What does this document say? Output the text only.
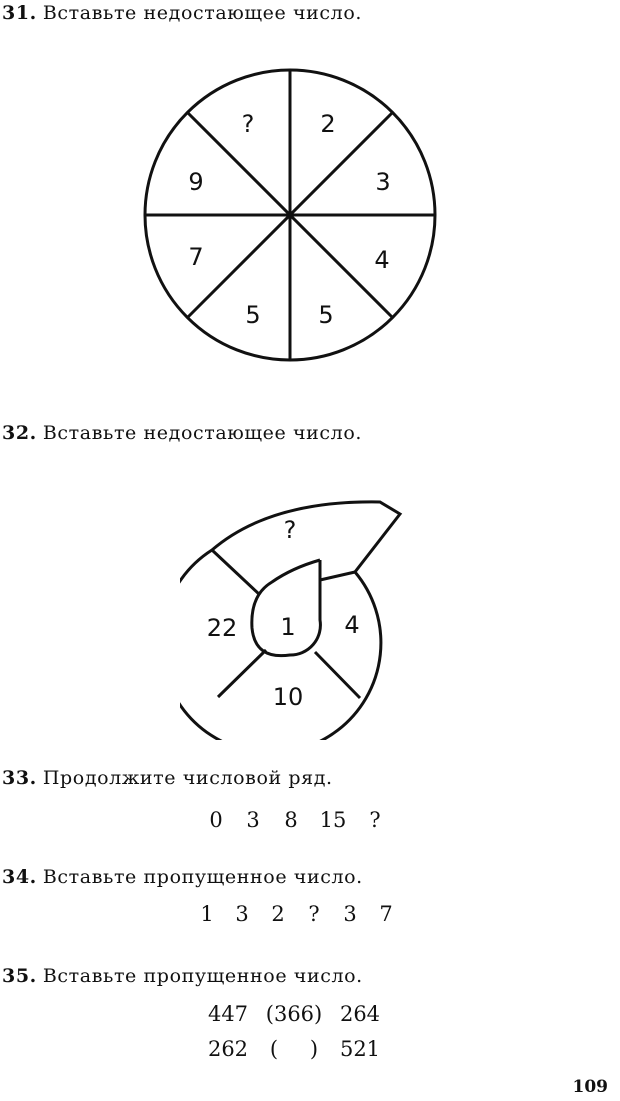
31. Вставьте недостающее число.
2
3
4
5
5
7
9
?
32. Вставьте недостающее число.
?
1 4
10
22
33. Продолжите числовой ряд.
0 3 8 15 ?
34. Вставьте пропущенное число.
1 3 2 ? 3 7
35. Вставьте пропущенное число.
447 (366) 264
262 ( ) 521
109
